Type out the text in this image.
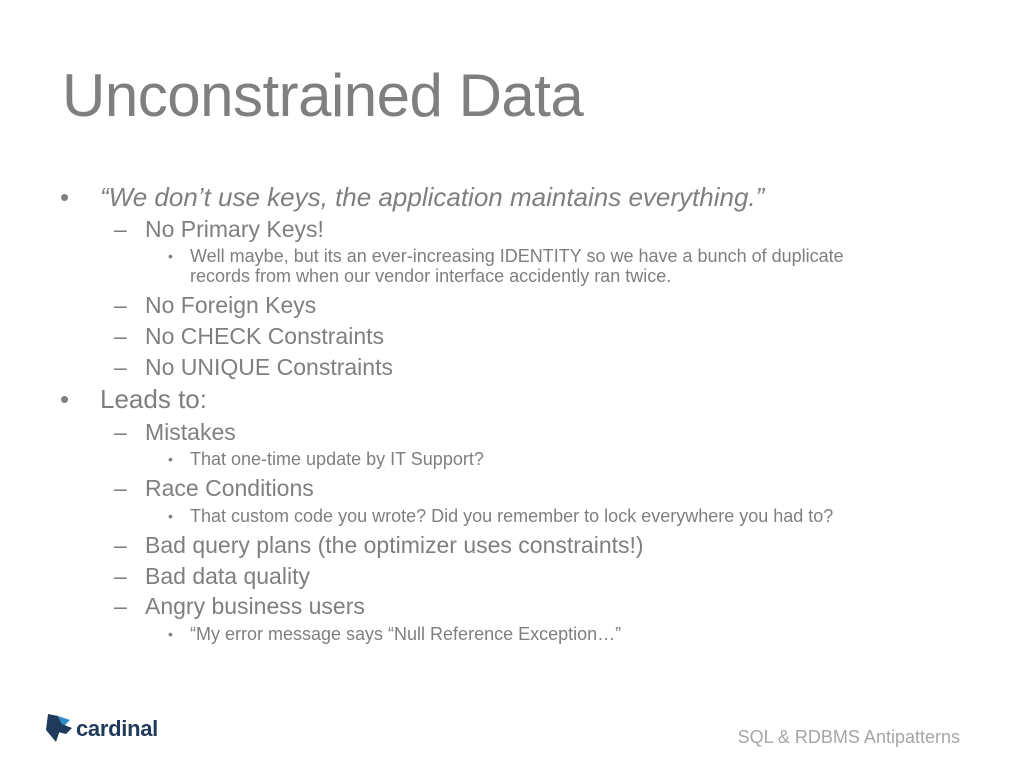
Unconstrained Data
• “We don’t use keys, the application maintains everything.”
– No Primary Keys!
• Well maybe, but its an ever-increasing IDENTITY so we have a bunch of duplicate records from when our vendor interface accidently ran twice.
– No Foreign Keys
– No CHECK Constraints
– No UNIQUE Constraints
• Leads to:
– Mistakes
• That one-time update by IT Support?
– Race Conditions
• That custom code you wrote? Did you remember to lock everywhere you had to?
– Bad query plans (the optimizer uses constraints!)
– Bad data quality
– Angry business users
• “My error message says “Null Reference Exception…”
cardinal	SQL & RDBMS Antipatterns
